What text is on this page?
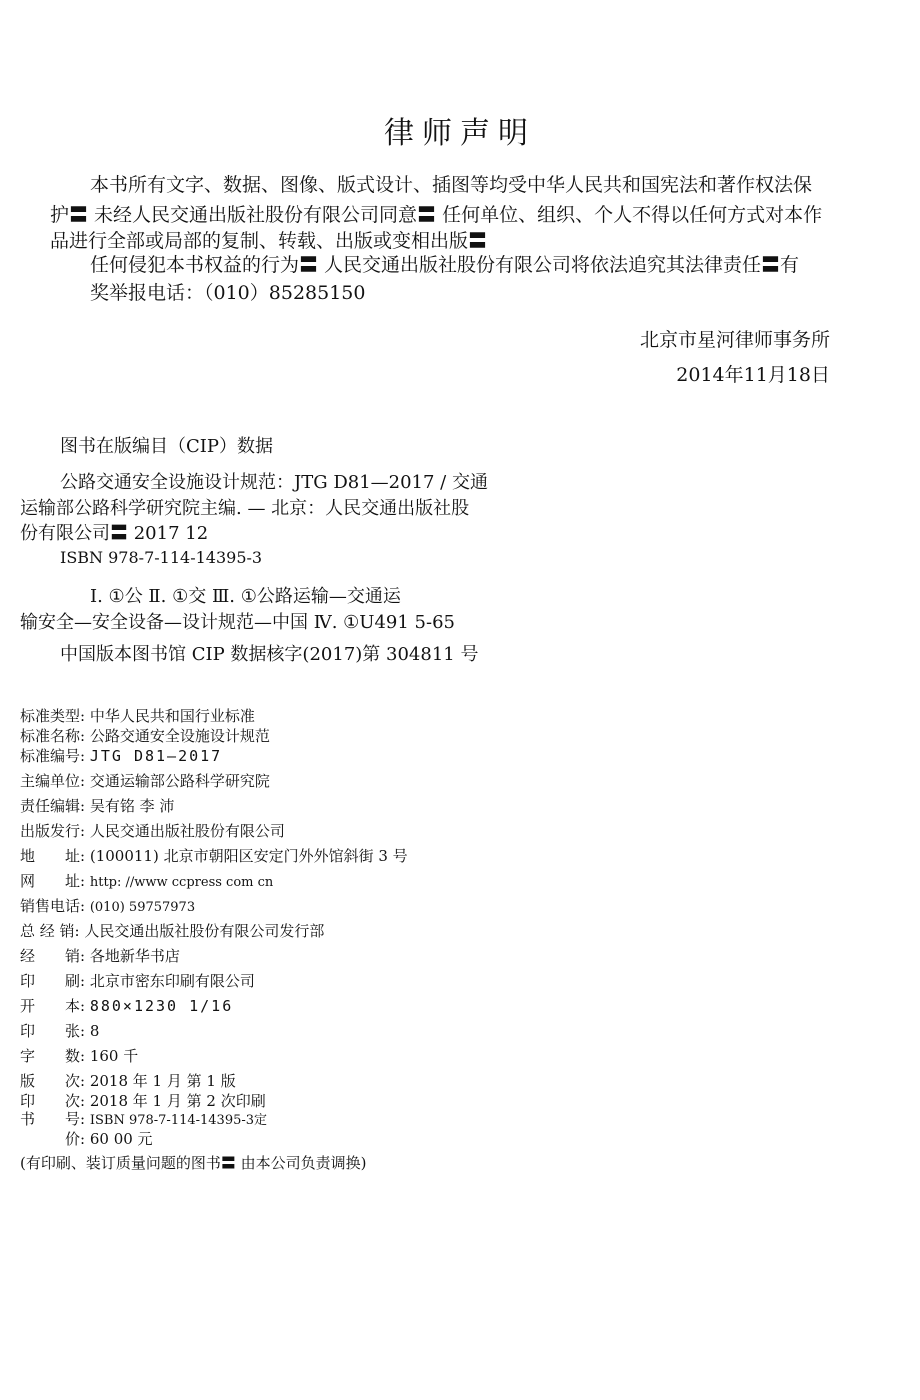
律师声明
本书所有文字、数据、图像、版式设计、插图等均受中华人民共和国宪法和著作权法保
护〓 未经人民交通出版社股份有限公司同意〓 任何单位、组织、个人不得以任何方式对本作
品进行全部或局部的复制、转载、出版或变相出版〓
任何侵犯本书权益的行为〓 人民交通出版社股份有限公司将依法追究其法律责任〓有
奖举报电话：（010）85285150
北京市星河律师事务所
2014年11月18日
图书在版编目（CIP）数据
公路交通安全设施设计规范：JTG D81—2017 / 交通
运输部公路科学研究院主编. — 北京：人民交通出版社股
份有限公司〓 2017 12
ISBN 978-7-114-14395-3
Ⅰ. ①公 Ⅱ. ①交 Ⅲ. ①公路运输—交通运
输安全—安全设备—设计规范—中国 Ⅳ. ①U491 5-65
中国版本图书馆 CIP 数据核字(2017)第 304811 号
标准类型: 中华人民共和国行业标准
标准名称: 公路交通安全设施设计规范
标准编号: JTG D81—2017
主编单位: 交通运输部公路科学研究院
责任编辑: 吴有铭 李 沛
出版发行: 人民交通出版社股份有限公司
地　　址: (100011) 北京市朝阳区安定门外外馆斜街 3 号
网　　址: http: //www ccpress com cn
销售电话: (010) 59757973
总 经 销: 人民交通出版社股份有限公司发行部
经　　销: 各地新华书店
印　　刷: 北京市密东印刷有限公司
开　　本: 880×1230 1/16
印　　张: 8
字　　数: 160 千
版　　次: 2018 年 1 月 第 1 版
印　　次: 2018 年 1 月 第 2 次印刷
书　　号: ISBN 978-7-114-14395-3定
　　　价: 60 00 元
(有印刷、装订质量问题的图书〓 由本公司负责调换)
